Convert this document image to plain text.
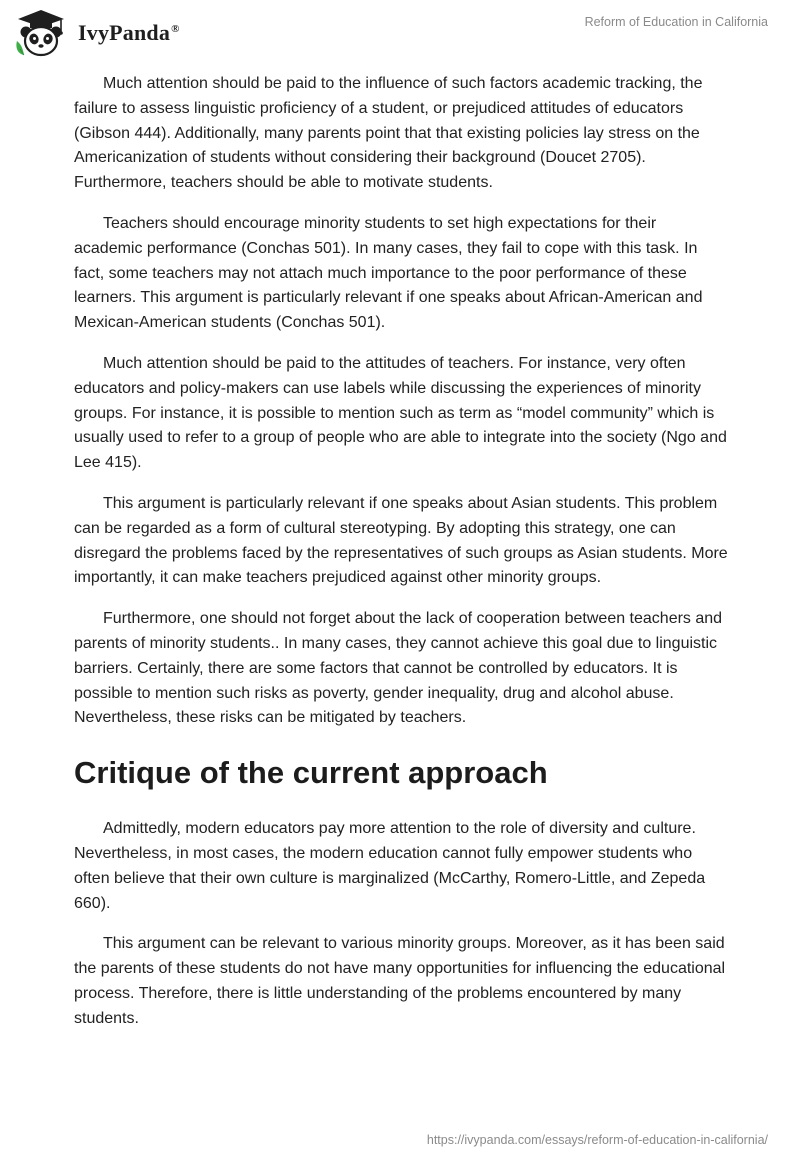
IvyPanda®	Reform of Education in California

Much attention should be paid to the influence of such factors academic tracking, the failure to assess linguistic proficiency of a student, or prejudiced attitudes of educators (Gibson 444). Additionally, many parents point that that existing policies lay stress on the Americanization of students without considering their background (Doucet 2705). Furthermore, teachers should be able to motivate students.

Teachers should encourage minority students to set high expectations for their academic performance (Conchas 501). In many cases, they fail to cope with this task. In fact, some teachers may not attach much importance to the poor performance of these learners. This argument is particularly relevant if one speaks about African-American and Mexican-American students (Conchas 501).

Much attention should be paid to the attitudes of teachers. For instance, very often educators and policy-makers can use labels while discussing the experiences of minority groups. For instance, it is possible to mention such as term as “model community” which is usually used to refer to a group of people who are able to integrate into the society (Ngo and Lee 415).

This argument is particularly relevant if one speaks about Asian students. This problem can be regarded as a form of cultural stereotyping. By adopting this strategy, one can disregard the problems faced by the representatives of such groups as Asian students. More importantly, it can make teachers prejudiced against other minority groups.

Furthermore, one should not forget about the lack of cooperation between teachers and parents of minority students.. In many cases, they cannot achieve this goal due to linguistic barriers. Certainly, there are some factors that cannot be controlled by educators. It is possible to mention such risks as poverty, gender inequality, drug and alcohol abuse. Nevertheless, these risks can be mitigated by teachers.

Critique of the current approach

Admittedly, modern educators pay more attention to the role of diversity and culture. Nevertheless, in most cases, the modern education cannot fully empower students who often believe that their own culture is marginalized (McCarthy, Romero-Little, and Zepeda 660).

This argument can be relevant to various minority groups. Moreover, as it has been said the parents of these students do not have many opportunities for influencing the educational process. Therefore, there is little understanding of the problems encountered by many students.

https://ivypanda.com/essays/reform-of-education-in-california/
